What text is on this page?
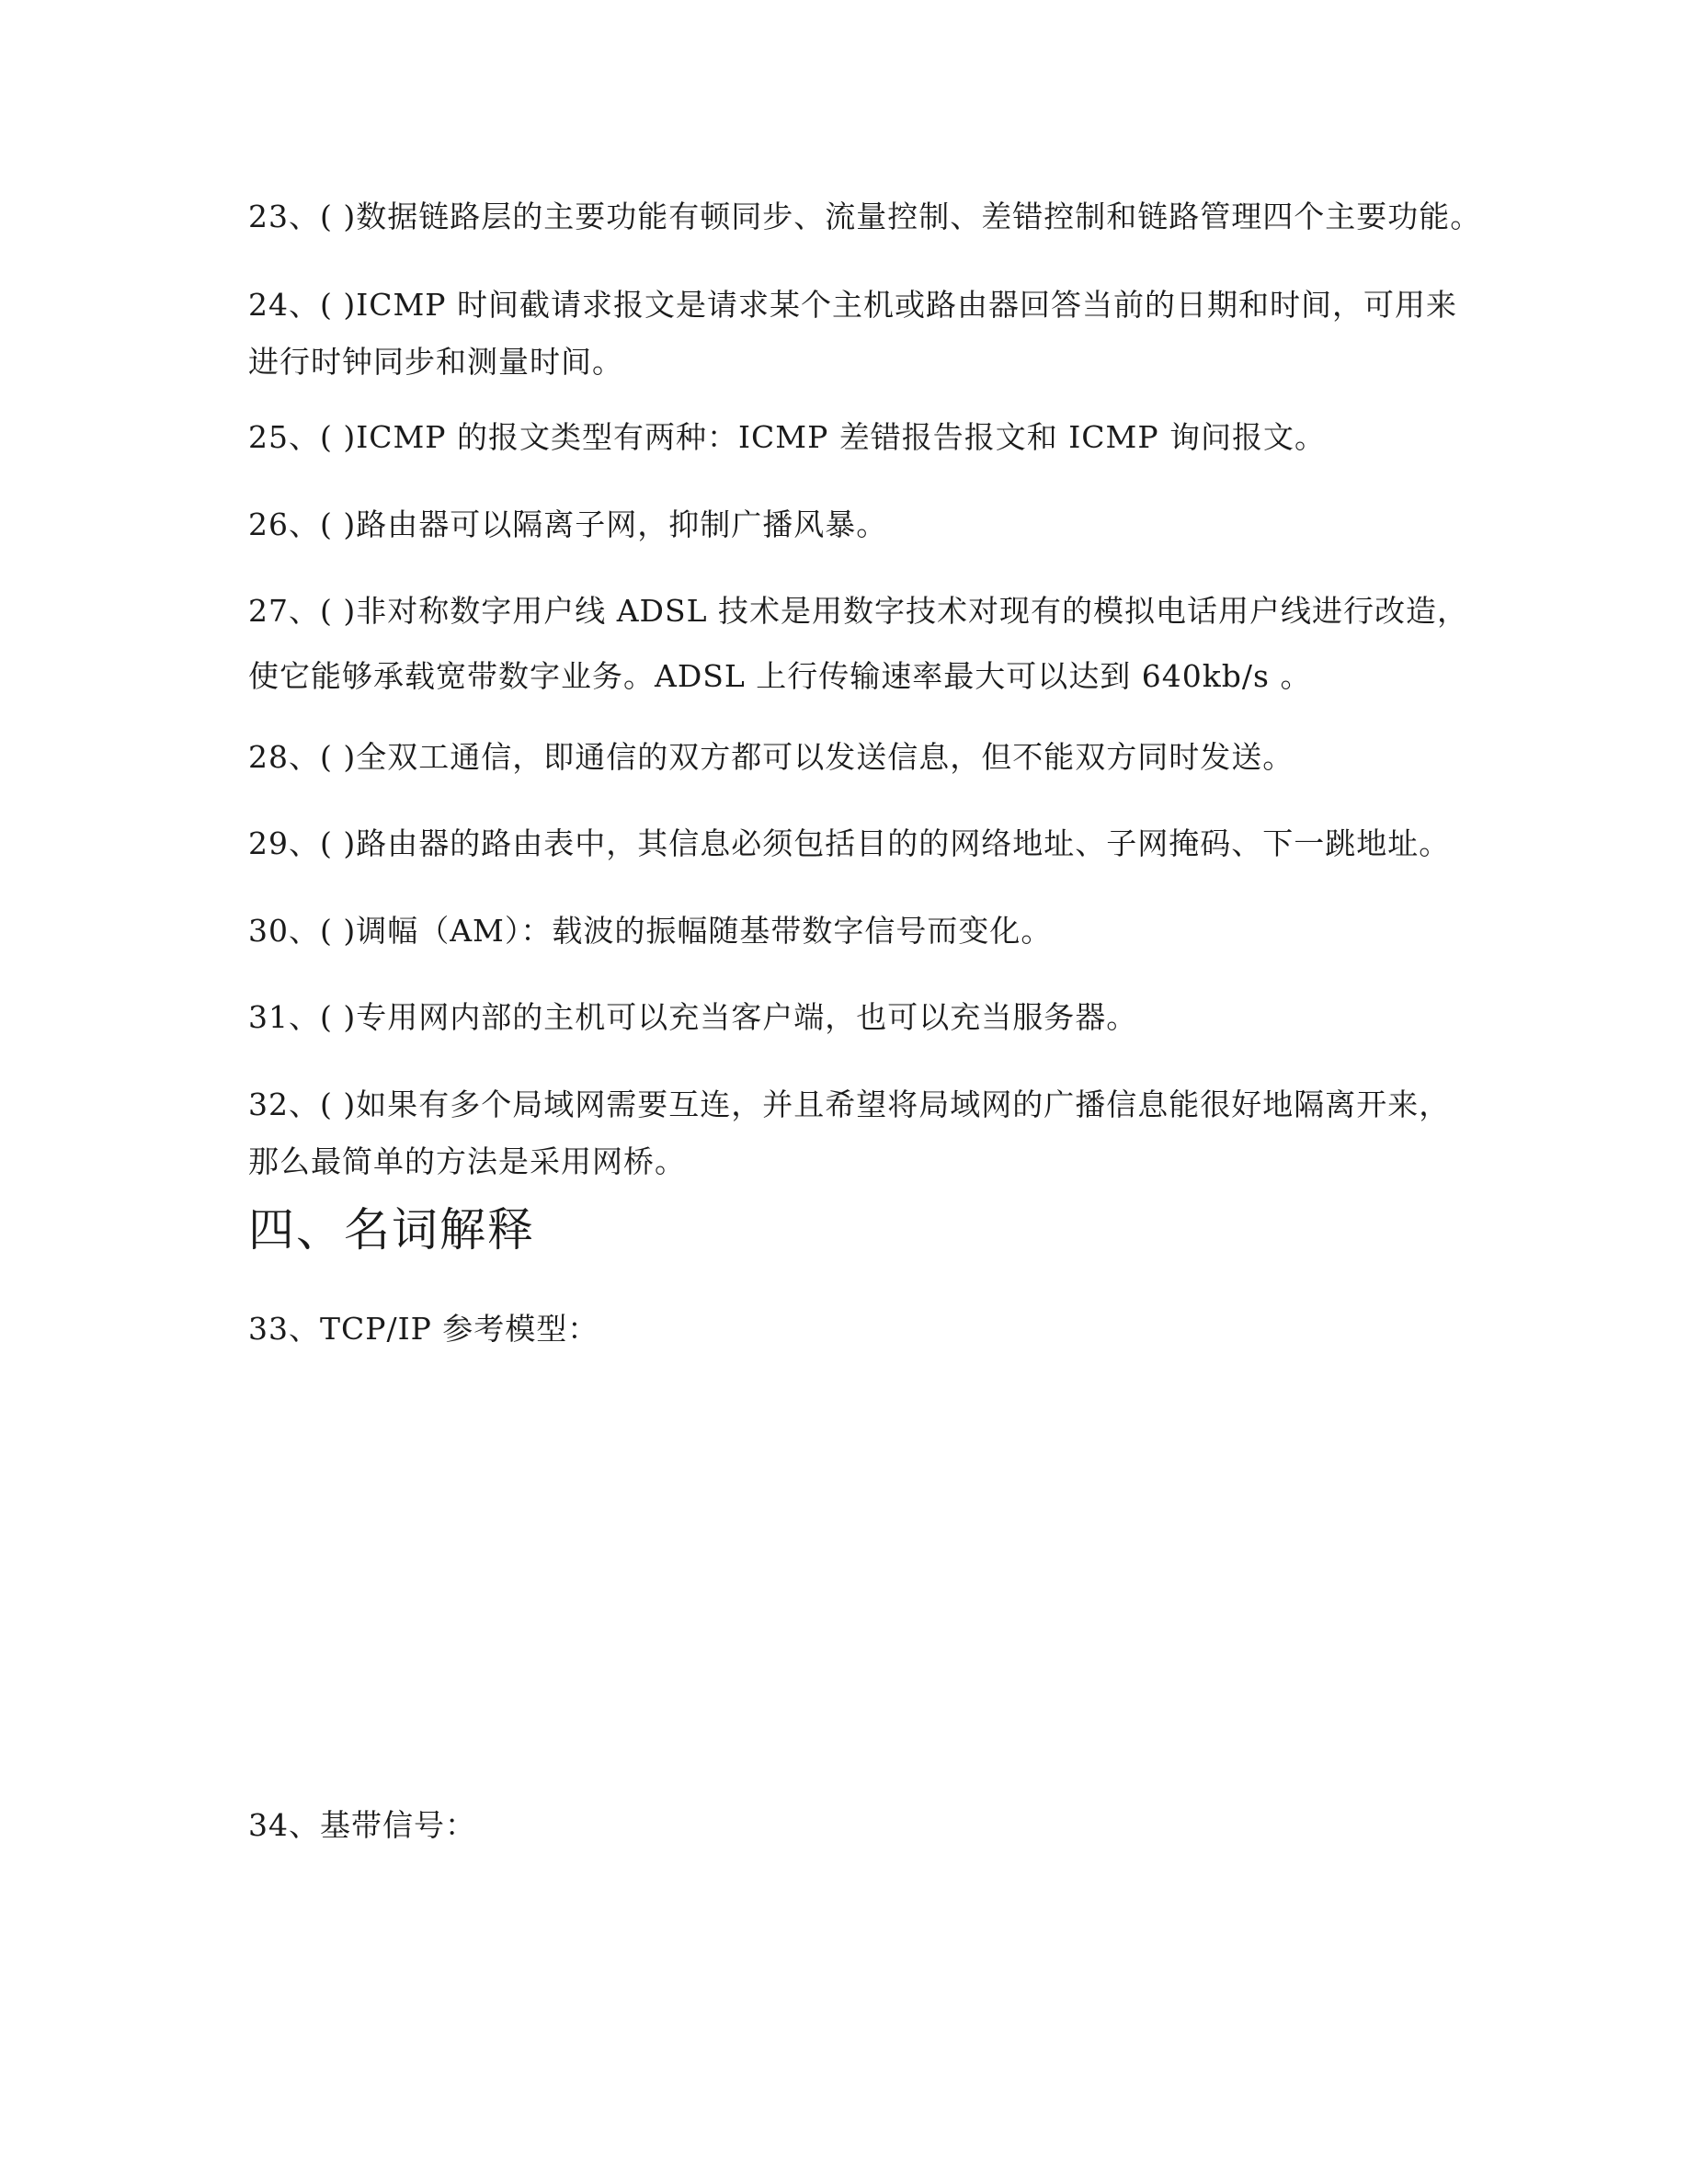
23、( )数据链路层的主要功能有顿同步、流量控制、差错控制和链路管理四个主要功能。
24、( )ICMP 时间截请求报文是请求某个主机或路由器回答当前的日期和时间，可用来
进行时钟同步和测量时间。
25、( )ICMP 的报文类型有两种：ICMP 差错报告报文和 ICMP 询问报文。
26、( )路由器可以隔离子网，抑制广播风暴。
27、( )非对称数字用户线 ADSL 技术是用数字技术对现有的模拟电话用户线进行改造，
使它能够承载宽带数字业务。ADSL 上行传输速率最大可以达到 640kb/s 。
28、( )全双工通信，即通信的双方都可以发送信息，但不能双方同时发送。
29、( )路由器的路由表中，其信息必须包括目的的网络地址、子网掩码、下一跳地址。
30、( )调幅（AM）：载波的振幅随基带数字信号而变化。
31、( )专用网内部的主机可以充当客户端，也可以充当服务器。
32、( )如果有多个局域网需要互连，并且希望将局域网的广播信息能很好地隔离开来，
那么最简单的方法是采用网桥。
四、名词解释
33、TCP/IP 参考模型：
34、基带信号：
